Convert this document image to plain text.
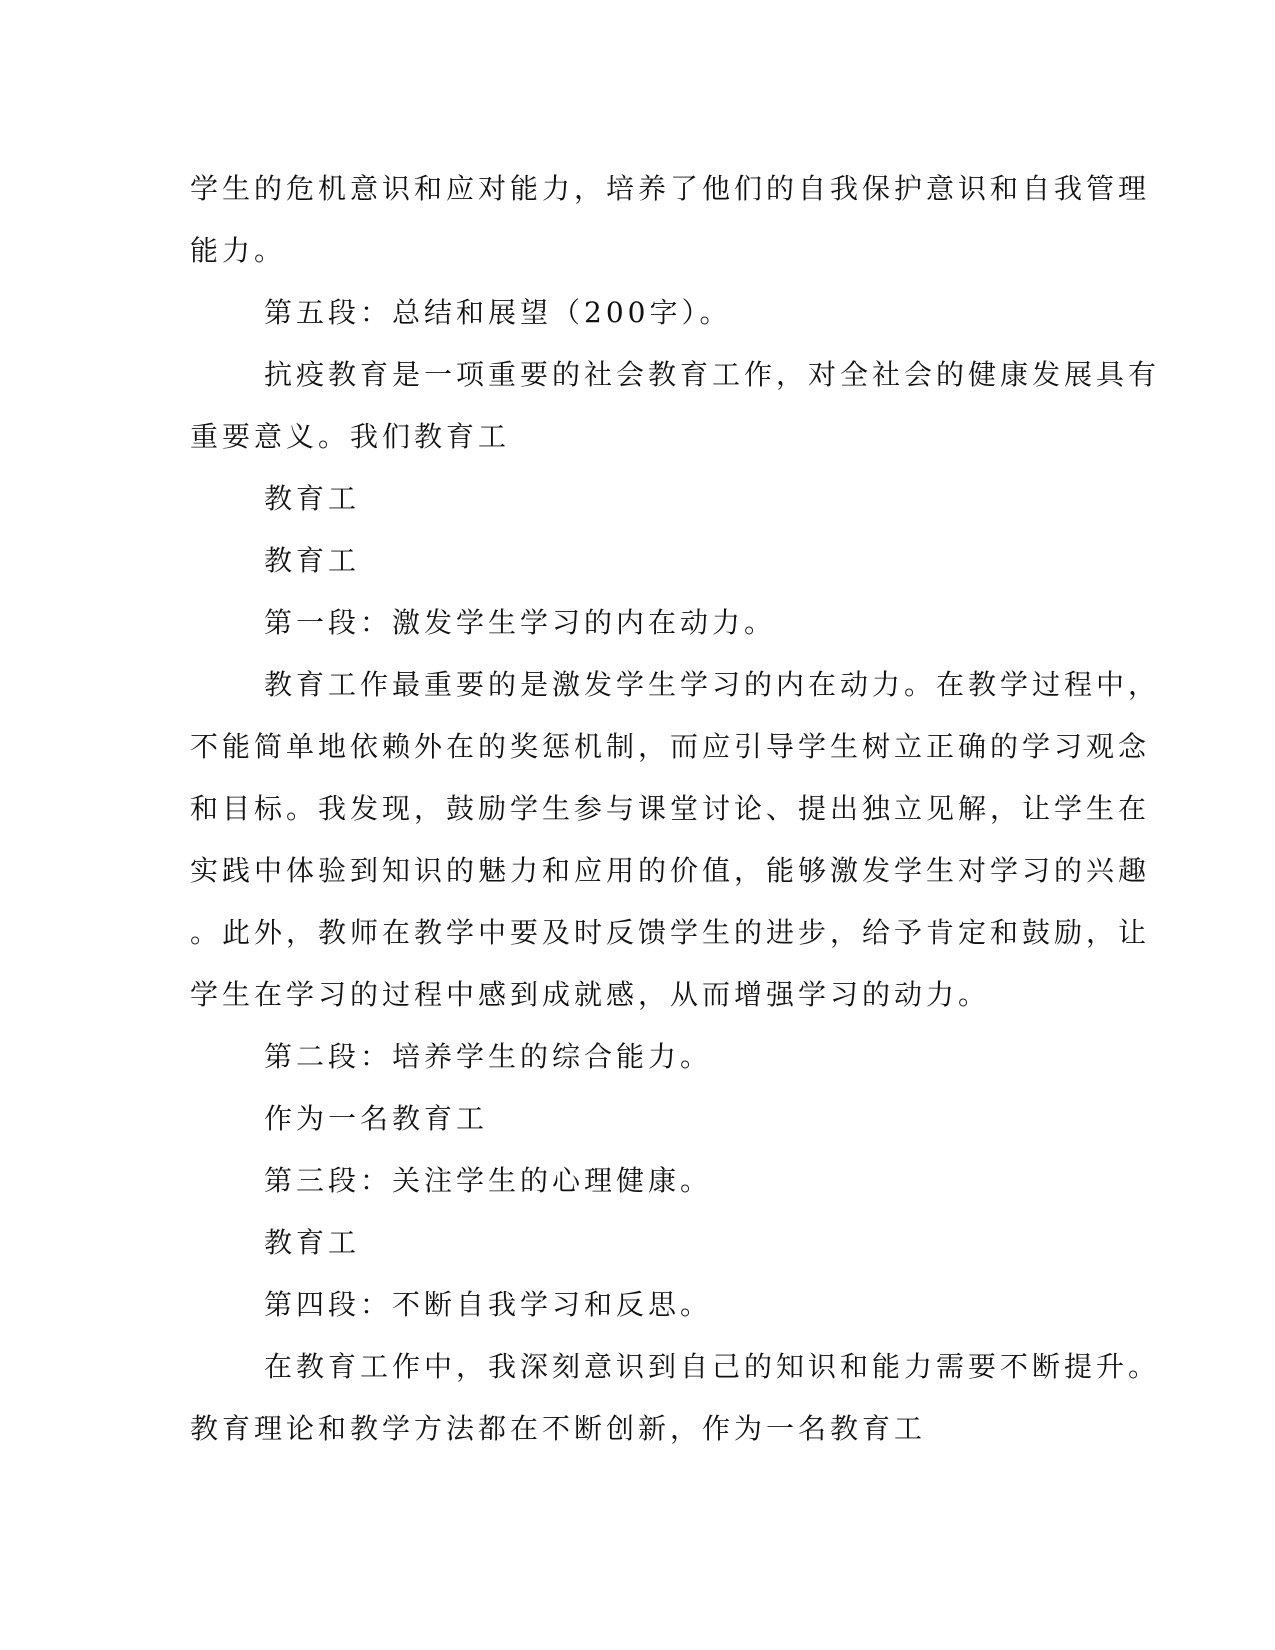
学生的危机意识和应对能力，培养了他们的自我保护意识和自我管理
能力。
第五段：总结和展望（200字）。
抗疫教育是一项重要的社会教育工作，对全社会的健康发展具有
重要意义。我们教育工
教育工
教育工
第一段：激发学生学习的内在动力。
教育工作最重要的是激发学生学习的内在动力。在教学过程中，
不能简单地依赖外在的奖惩机制，而应引导学生树立正确的学习观念
和目标。我发现，鼓励学生参与课堂讨论、提出独立见解，让学生在
实践中体验到知识的魅力和应用的价值，能够激发学生对学习的兴趣
。此外，教师在教学中要及时反馈学生的进步，给予肯定和鼓励，让
学生在学习的过程中感到成就感，从而增强学习的动力。
第二段：培养学生的综合能力。
作为一名教育工
第三段：关注学生的心理健康。
教育工
第四段：不断自我学习和反思。
在教育工作中，我深刻意识到自己的知识和能力需要不断提升。
教育理论和教学方法都在不断创新，作为一名教育工
